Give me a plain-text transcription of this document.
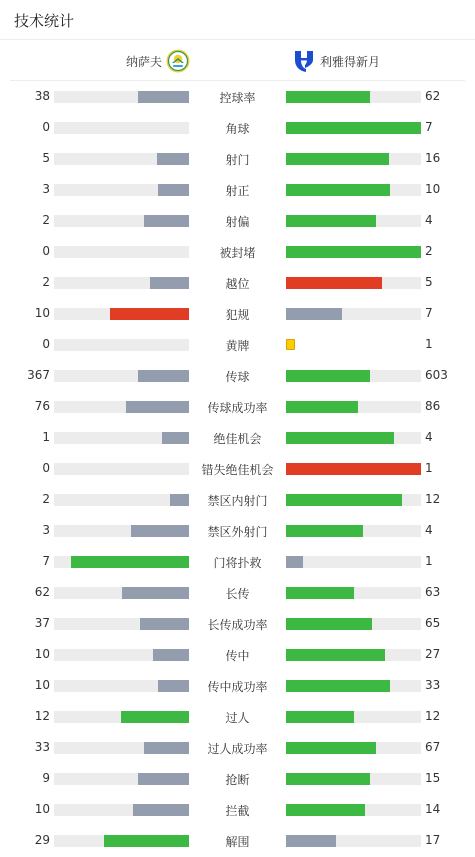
技术统计
纳萨夫	利雅得新月
38	控球率	62
0	角球	7
5	射门	16
3	射正	10
2	射偏	4
0	被封堵	2
2	越位	5
10	犯规	7
0	黄牌	1
367	传球	603
76	传球成功率	86
1	绝佳机会	4
0	错失绝佳机会	1
2	禁区内射门	12
3	禁区外射门	4
7	门将扑救	1
62	长传	63
37	长传成功率	65
10	传中	27
10	传中成功率	33
12	过人	12
33	过人成功率	67
9	抢断	15
10	拦截	14
29	解围	17
